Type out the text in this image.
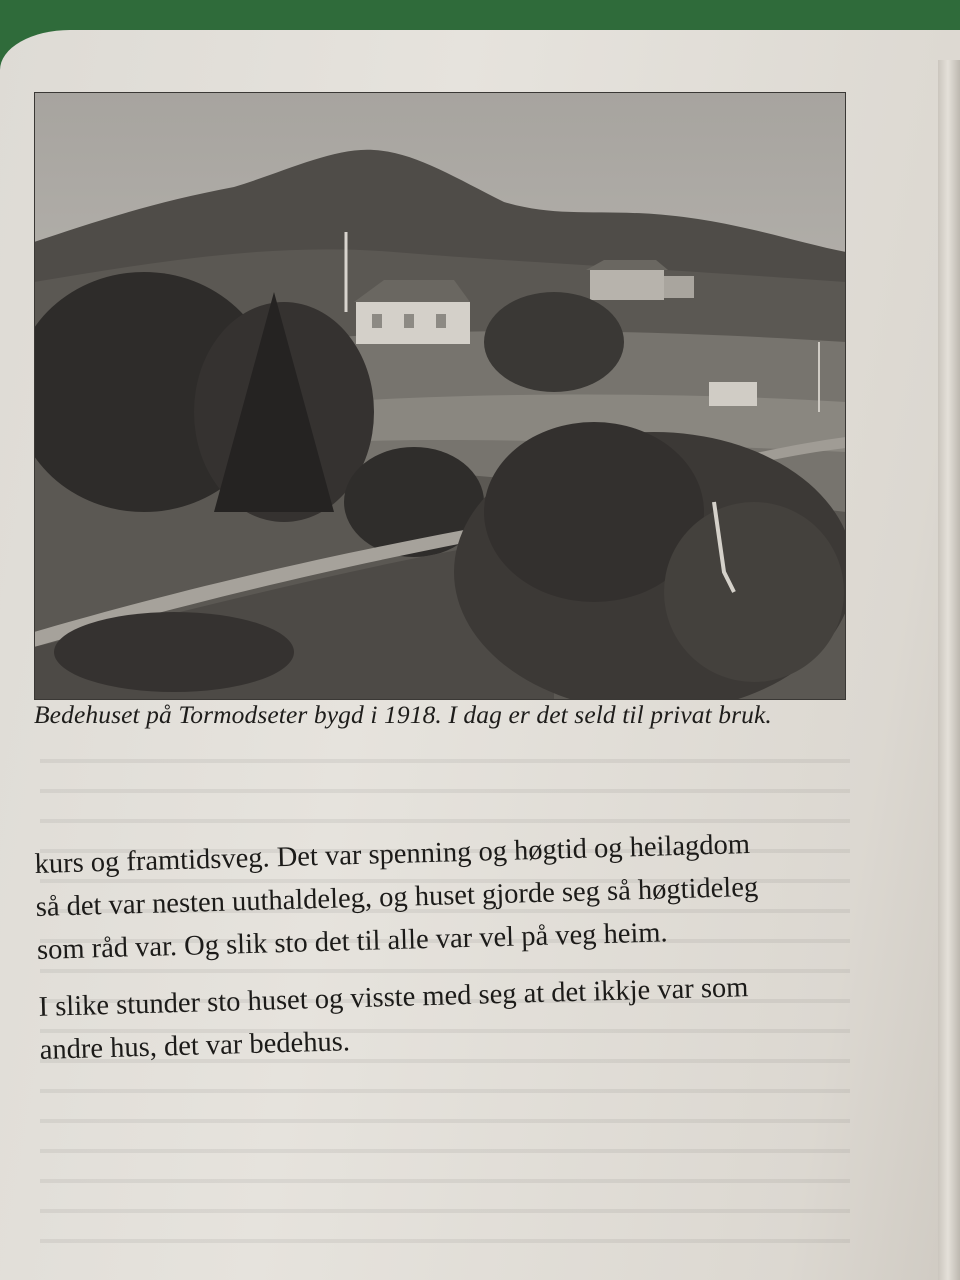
Bedehuset på Tormodseter bygd i 1918. I dag er det seld til privat bruk.
kurs og framtidsveg. Det var spenning og høgtid og heilagdom
så det var nesten uuthaldeleg, og huset gjorde seg så høgtideleg
som råd var. Og slik sto det til alle var vel på veg heim.
I slike stunder sto huset og visste med seg at det ikkje var som
andre hus, det var bedehus.
